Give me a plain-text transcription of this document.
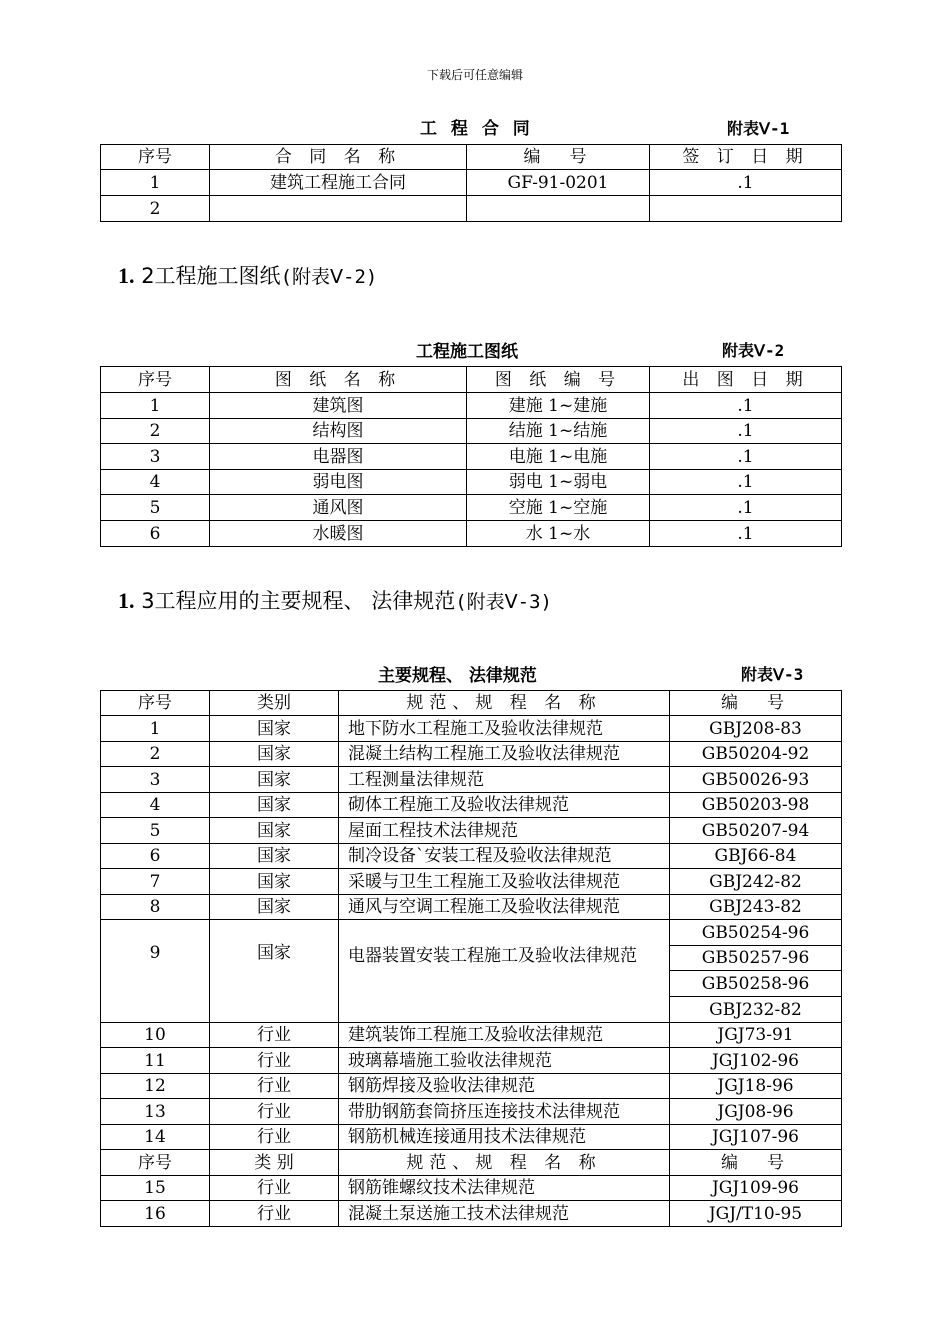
下载后可任意编辑
工 程 合 同	附表Ⅴ-1
序号	合 同 名 称	编　号	签 订 日 期
1	建筑工程施工合同	GF-91-0201	.1
2			
1. 2工程施工图纸(附表Ⅴ-2)
工程施工图纸	附表Ⅴ-2
序号	图 纸 名 称	图 纸 编 号	出 图 日 期
1	建筑图	建施 1~建施	.1
2	结构图	结施 1~结施	.1
3	电器图	电施 1~电施	.1
4	弱电图	弱电 1~弱电	.1
5	通风图	空施 1~空施	.1
6	水暖图	水 1~水	.1
1. 3工程应用的主要规程、 法律规范(附表Ⅴ-3)
主要规程、 法律规范	附表Ⅴ-3
序号	类别	规范、规 程 名 称	编　号
1	国家	地下防水工程施工及验收法律规范	GBJ208-83
2	国家	混凝土结构工程施工及验收法律规范	GB50204-92
3	国家	工程测量法律规范	GB50026-93
4	国家	砌体工程施工及验收法律规范	GB50203-98
5	国家	屋面工程技术法律规范	GB50207-94
6	国家	制冷设备`安装工程及验收法律规范	GBJ66-84
7	国家	采暖与卫生工程施工及验收法律规范	GBJ242-82
8	国家	通风与空调工程施工及验收法律规范	GBJ243-82
9	国家	电器装置安装工程施工及验收法律规范	GB50254-96
			GB50257-96
			GB50258-96
			GBJ232-82
10	行业	建筑装饰工程施工及验收法律规范	JGJ73-91
11	行业	玻璃幕墙施工验收法律规范	JGJ102-96
12	行业	钢筋焊接及验收法律规范	JGJ18-96
13	行业	带肋钢筋套筒挤压连接技术法律规范	JGJ08-96
14	行业	钢筋机械连接通用技术法律规范	JGJ107-96
序号	类 别	规范、规 程 名 称	编　号
15	行业	钢筋锥螺纹技术法律规范	JGJ109-96
16	行业	混凝土泵送施工技术法律规范	JGJ/T10-95
